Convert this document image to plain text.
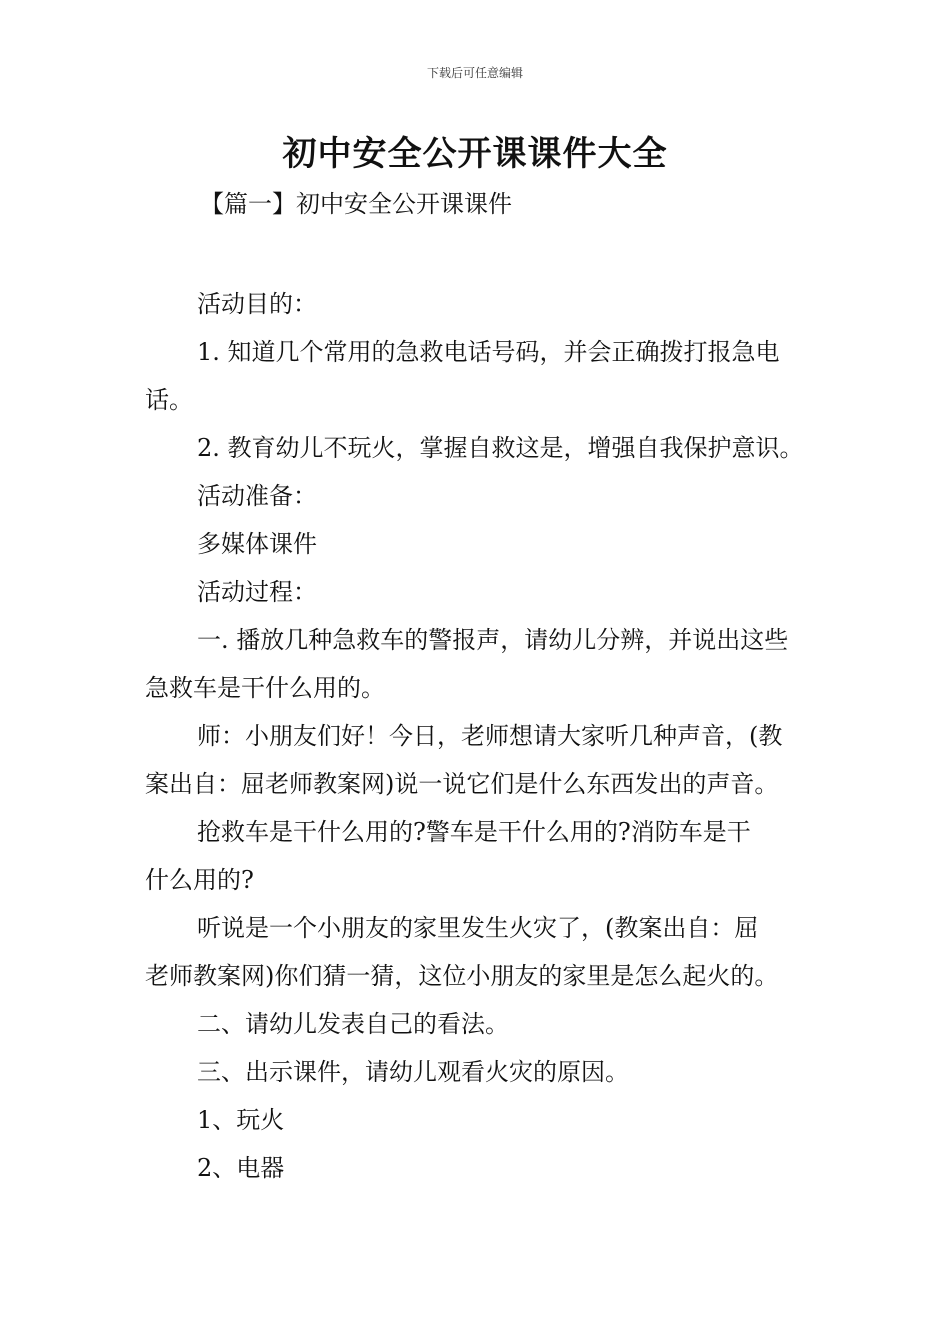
下载后可任意编辑
初中安全公开课课件大全
【篇一】初中安全公开课课件

活动目的：

1. 知道几个常用的急救电话号码，并会正确拨打报急电

话。

2. 教育幼儿不玩火，掌握自救这是，增强自我保护意识。

活动准备：

多媒体课件

活动过程：

一. 播放几种急救车的警报声，请幼儿分辨，并说出这些

急救车是干什么用的。

师：小朋友们好！今日，老师想请大家听几种声音，(教

案出自：屈老师教案网)说一说它们是什么东西发出的声音。

抢救车是干什么用的?警车是干什么用的?消防车是干

什么用的?

听说是一个小朋友的家里发生火灾了，(教案出自：屈

老师教案网)你们猜一猜，这位小朋友的家里是怎么起火的。

二、请幼儿发表自己的看法。

三、出示课件，请幼儿观看火灾的原因。

1、玩火

2、电器
